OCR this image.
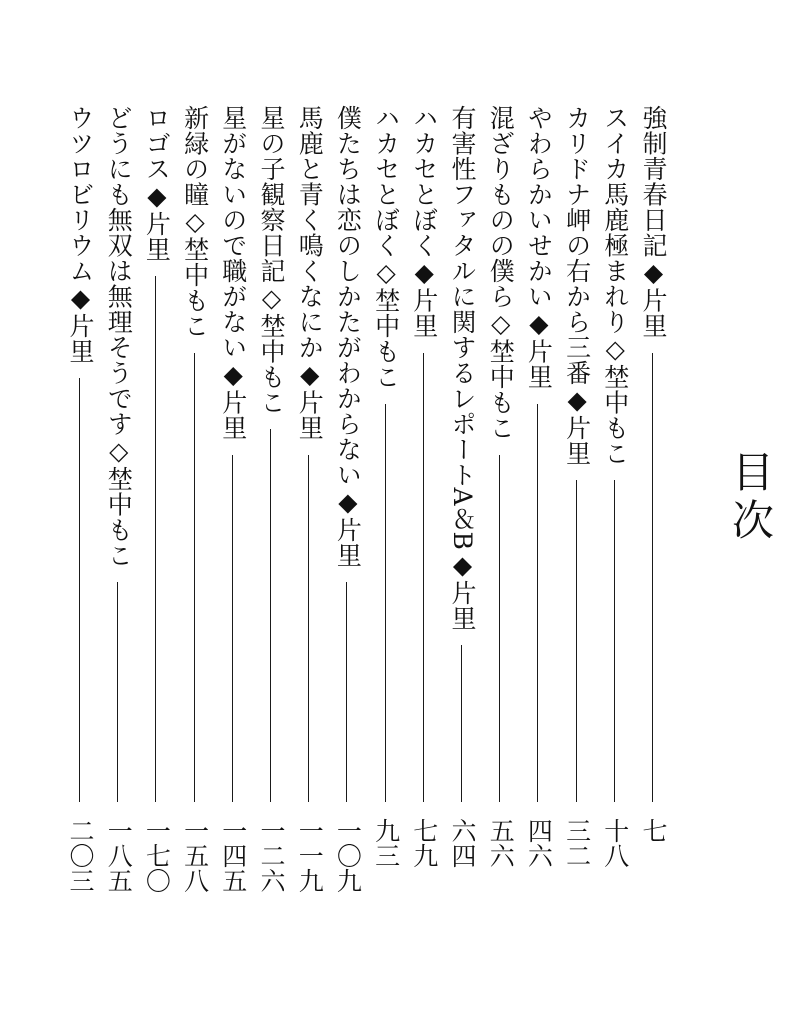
目次
強制青春日記◆片里
七
スイカ馬鹿極まれり◇埜中もこ
十八
カリドナ岬の右から三番◆片里
三二
やわらかいせかい◆片里
四六
混ざりものの僕ら◇埜中もこ
五六
有害性ファタルに関するレポートA＆B◆片里
六四
ハカセとぼく◆片里
七九
ハカセとぼく◇埜中もこ
九三
僕たちは恋のしかたがわからない◆片里
一〇九
馬鹿と青く鳴くなにか◆片里
一一九
星の子観察日記◇埜中もこ
一二六
星がないので職がない◆片里
一四五
新緑の瞳◇埜中もこ
一五八
ロゴス◆片里
一七〇
どうにも無双は無理そうです◇埜中もこ
一八五
ウツロビリウム◆片里
二〇三
